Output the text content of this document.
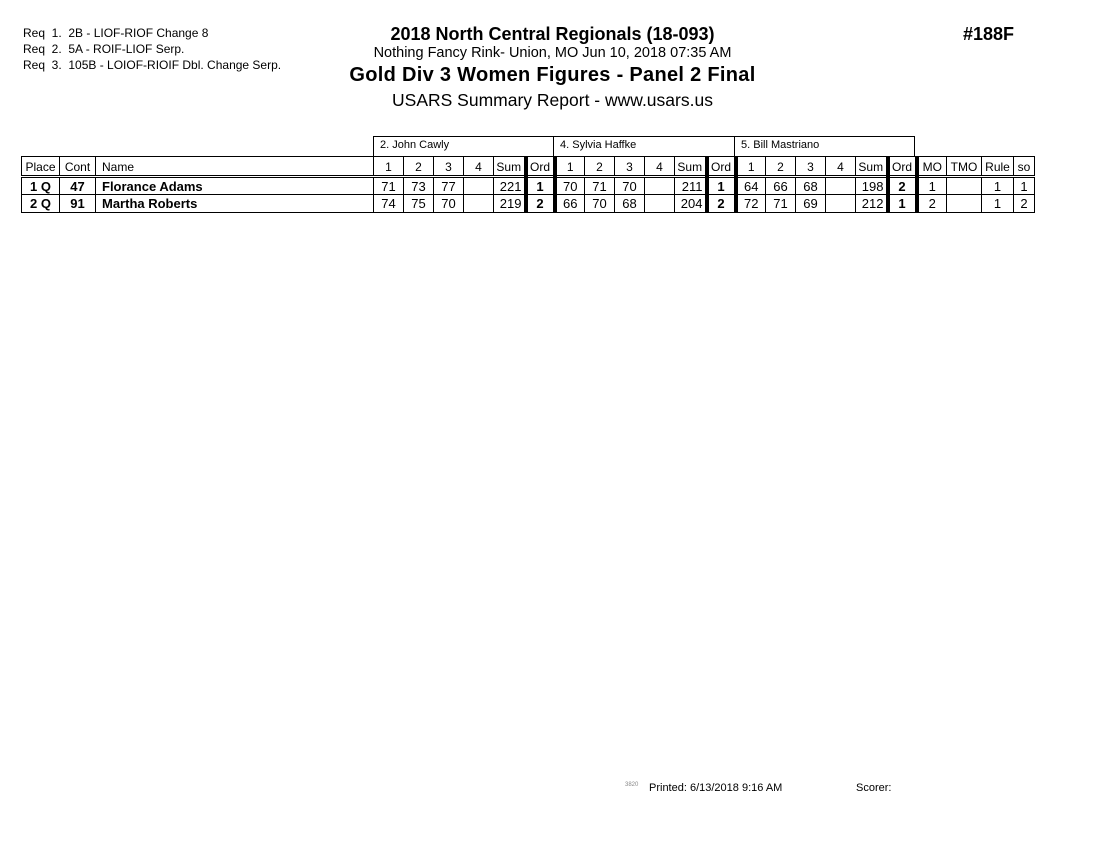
Req  1.  2B - LIOF-RIOF Change 8
Req  2.  5A - ROIF-LIOF Serp.
Req  3.  105B - LOIOF-RIOIF Dbl. Change Serp.
2018 North Central Regionals (18-093)
Nothing Fancy Rink- Union, MO Jun 10, 2018 07:35 AM
Gold Div 3 Women Figures - Panel 2 Final
USARS Summary Report - www.usars.us
#188F
2. John Cawly	4. Sylvia Haffke	5. Bill Mastriano
Place	Cont	Name	1	2	3	4	Sum	Ord	1	2	3	4	Sum	Ord	1	2	3	4	Sum	Ord	MO	TMO	Rule	so
1 Q	47	Florance Adams	71	73	77		221	1	70	71	70		211	1	64	66	68		198	2	1		1	1
2 Q	91	Martha Roberts	74	75	70		219	2	66	70	68		204	2	72	71	69		212	1	2		1	2
3820 Printed: 6/13/2018 9:16 AM	Scorer:
